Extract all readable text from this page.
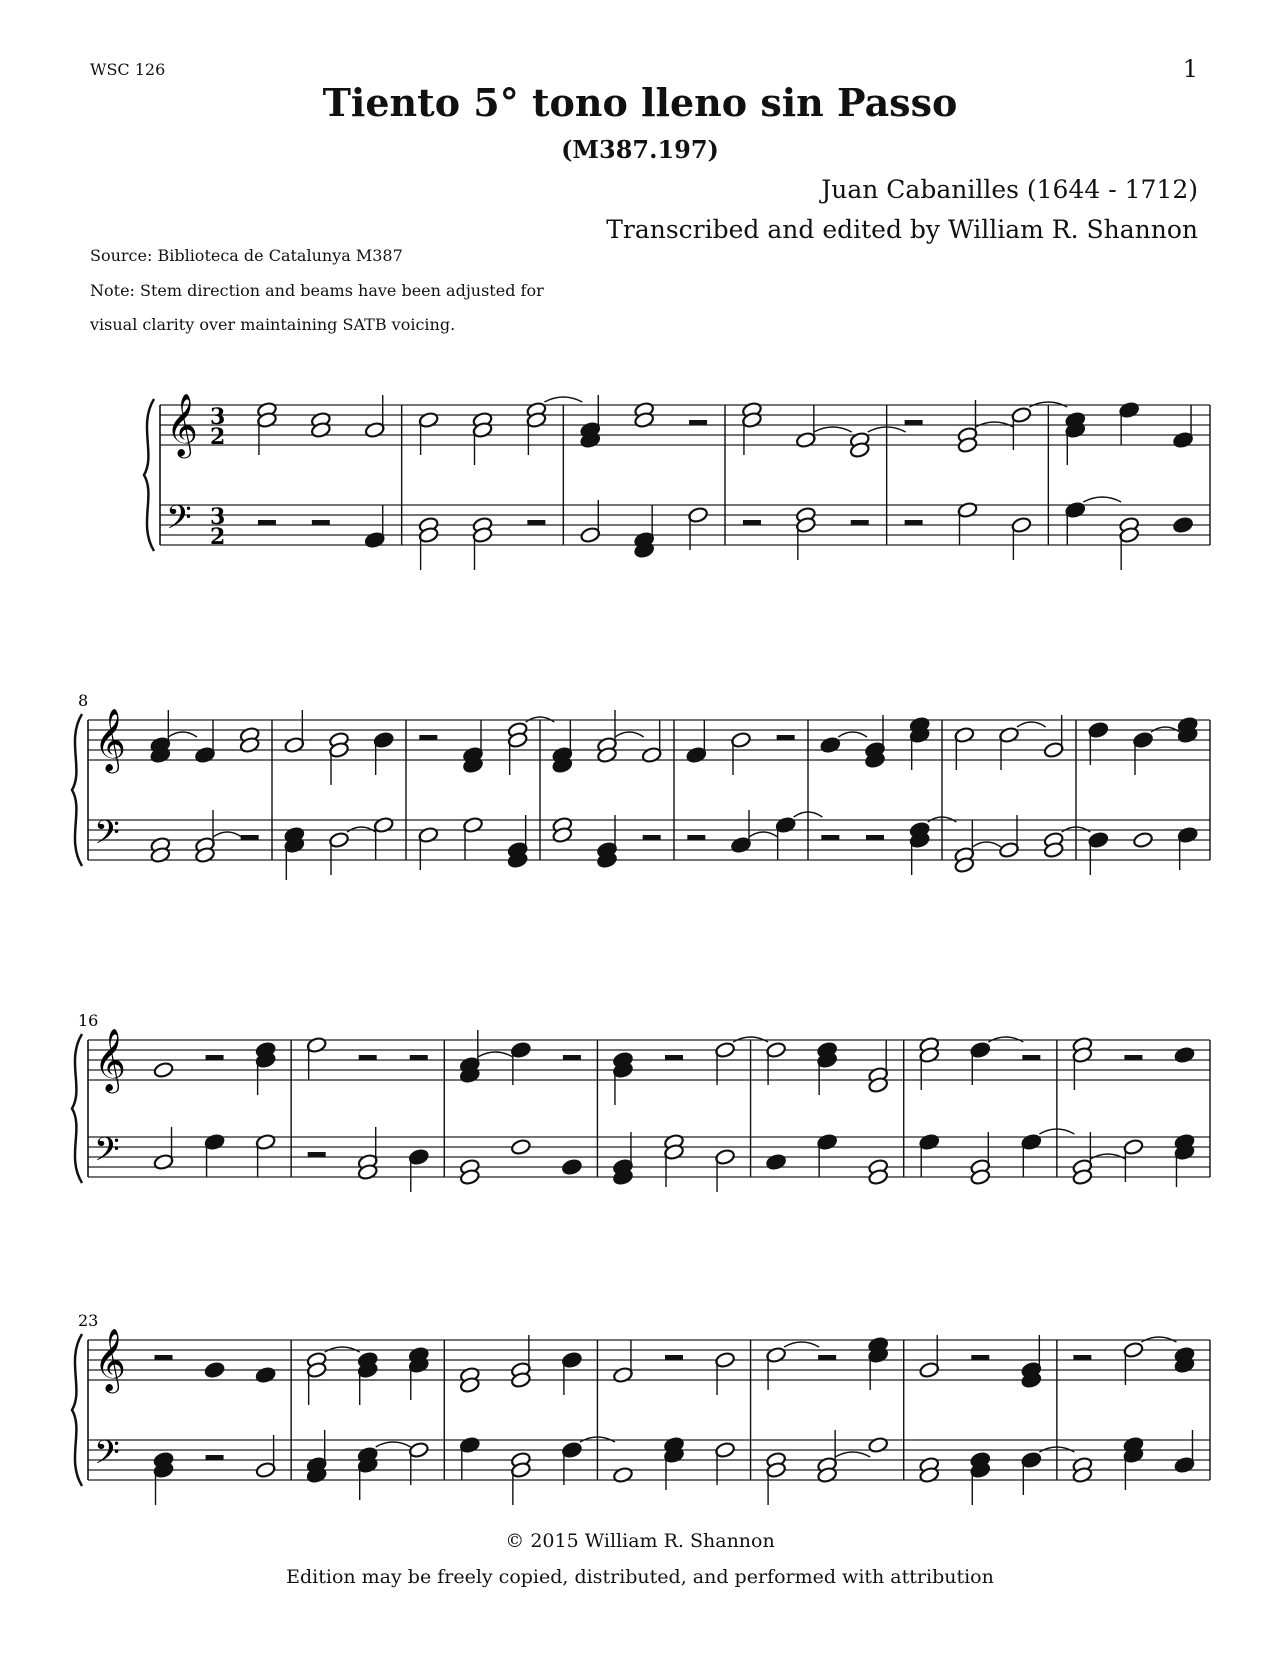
WSC 126	1
Tiento 5° tono lleno sin Passo
(M387.197)
Juan Cabanilles (1644 - 1712)
Transcribed and edited by William R. Shannon
Source: Biblioteca de Catalunya M387
Note: Stem direction and beams have been adjusted for
visual clarity over maintaining SATB voicing.
𝄞
𝄢
3
2
3
2
𝄞
𝄢
8
𝄞
𝄢
16
𝄞
𝄢
23
© 2015 William R. Shannon
Edition may be freely copied, distributed, and performed with attribution
